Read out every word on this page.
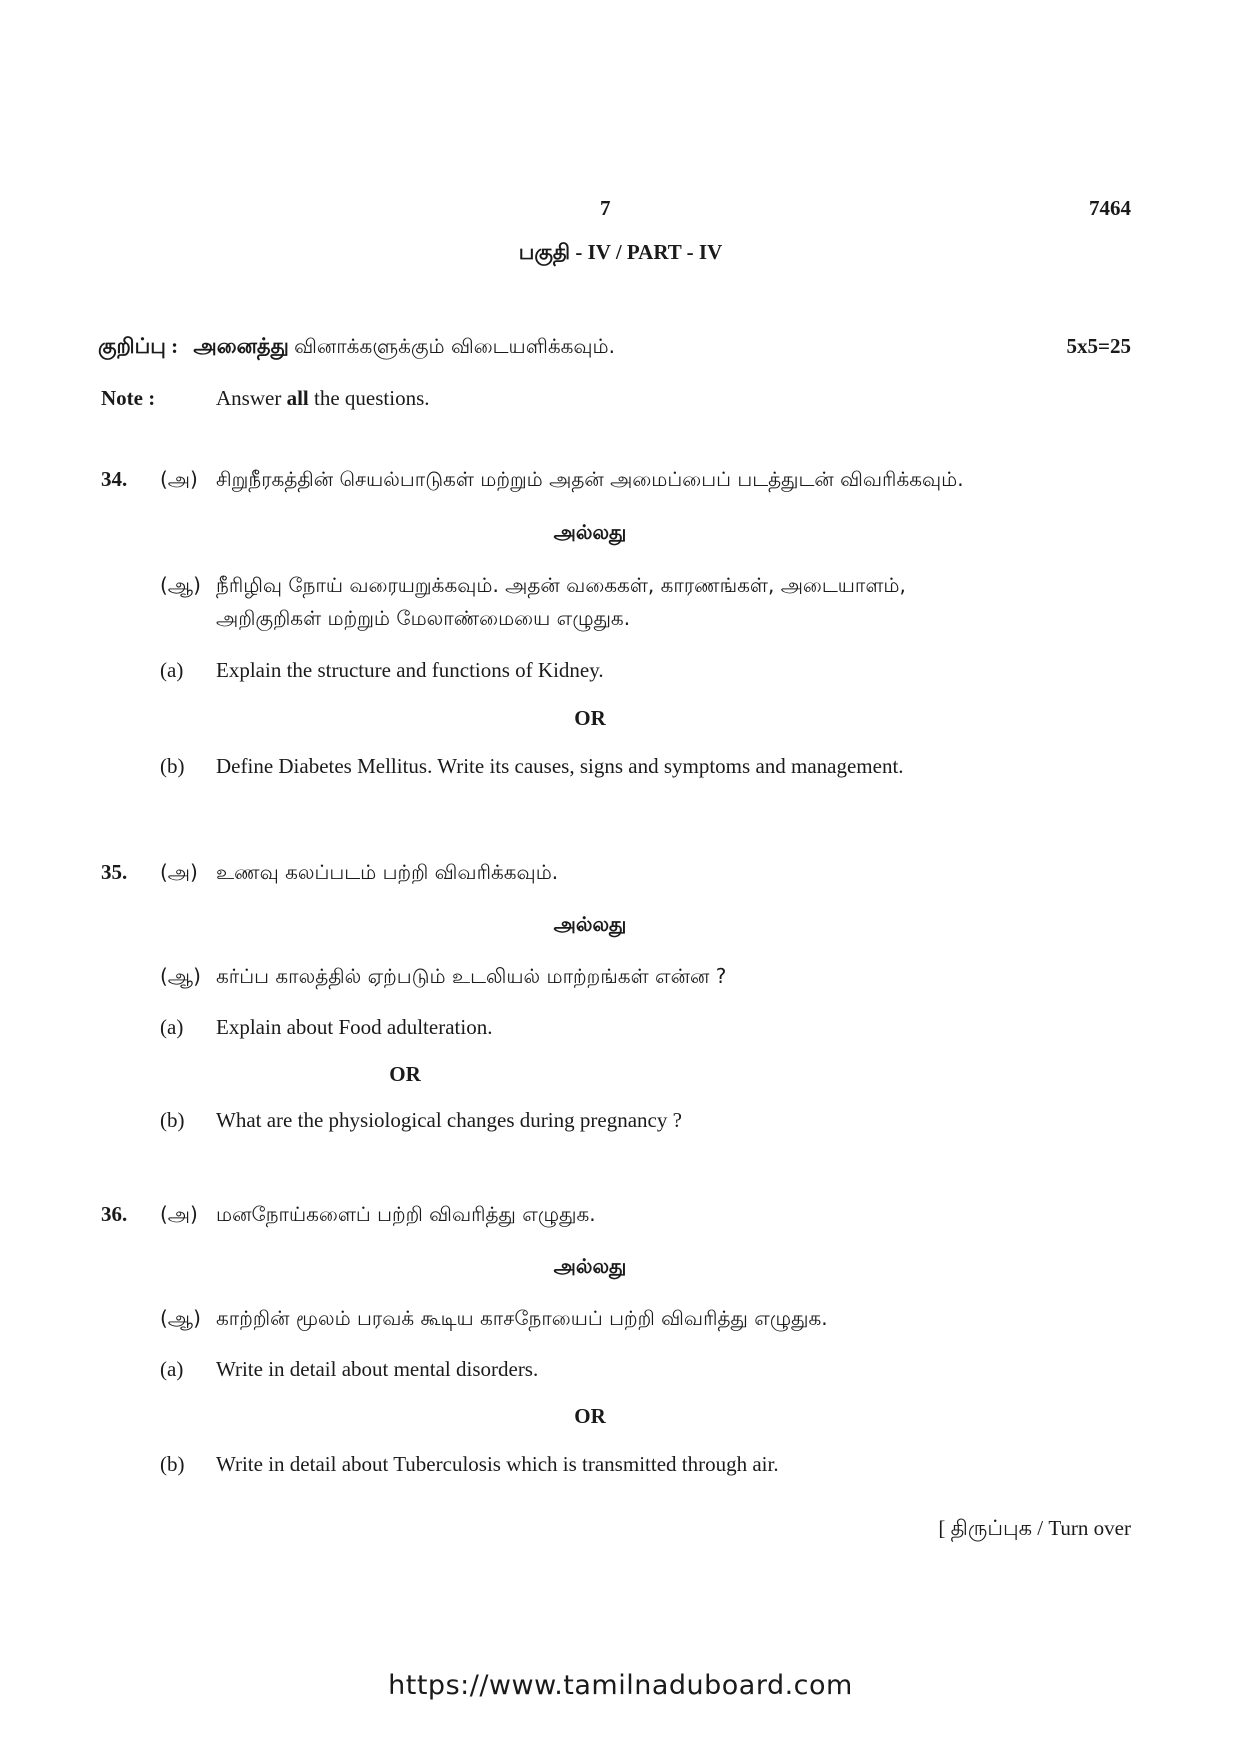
7	7464
பகுதி - IV / PART - IV
குறிப்பு : அனைத்து வினாக்களுக்கும் விடையளிக்கவும்.	5x5=25
Note :	Answer all the questions.
34. (அ) சிறுநீரகத்தின் செயல்பாடுகள் மற்றும் அதன் அமைப்பைப் படத்துடன் விவரிக்கவும்.
அல்லது
(ஆ) நீரிழிவு நோய் வரையறுக்கவும். அதன் வகைகள், காரணங்கள், அடையாளம்,
அறிகுறிகள் மற்றும் மேலாண்மையை எழுதுக.
(a) Explain the structure and functions of Kidney.
OR
(b) Define Diabetes Mellitus. Write its causes, signs and symptoms and management.
35. (அ) உணவு கலப்படம் பற்றி விவரிக்கவும்.
அல்லது
(ஆ) கர்ப்ப காலத்தில் ஏற்படும் உடலியல் மாற்றங்கள் என்ன ?
(a) Explain about Food adulteration.
OR
(b) What are the physiological changes during pregnancy ?
36. (அ) மனநோய்களைப் பற்றி விவரித்து எழுதுக.
அல்லது
(ஆ) காற்றின் மூலம் பரவக் கூடிய காசநோயைப் பற்றி விவரித்து எழுதுக.
(a) Write in detail about mental disorders.
OR
(b) Write in detail about Tuberculosis which is transmitted through air.
[ திருப்புக / Turn over
https://www.tamilnaduboard.com
